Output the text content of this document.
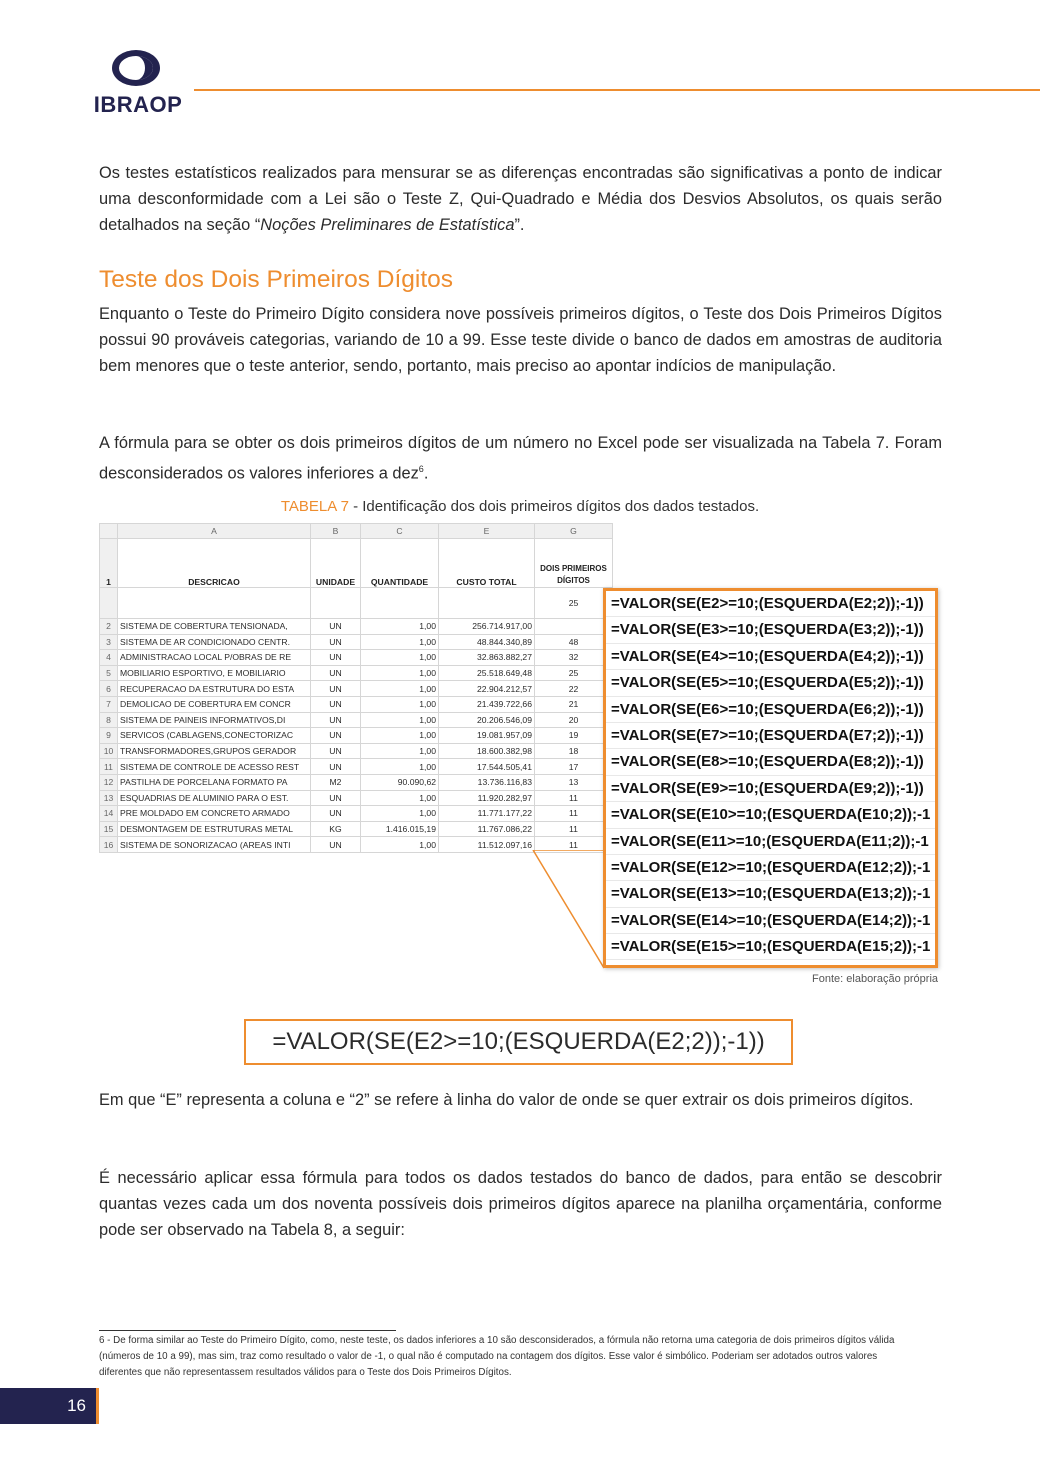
IBRAOP

Os testes estatísticos realizados para mensurar se as diferenças encontradas são significativas a ponto de indicar uma desconformidade com a Lei são o Teste Z, Qui-Quadrado e Média dos Desvios Absolutos, os quais serão detalhados na seção “Noções Preliminares de Estatística”.

Teste dos Dois Primeiros Dígitos

Enquanto o Teste do Primeiro Dígito considera nove possíveis primeiros dígitos, o Teste dos Dois Primeiros Dígitos possui 90 prováveis categorias, variando de 10 a 99. Esse teste divide o banco de dados em amostras de auditoria bem menores que o teste anterior, sendo, portanto, mais preciso ao apontar indícios de manipulação.

A fórmula para se obter os dois primeiros dígitos de um número no Excel pode ser visualizada na Tabela 7. Foram desconsiderados os valores inferiores a dez$^6$.

TABELA 7 - Identificação dos dois primeiros dígitos dos dados testados.
	A	B	C	E	G
1	DESCRICAO	UNIDADE	QUANTIDADE	CUSTO TOTAL	DOIS PRIMEIROS DÍGITOS
					25
2	SISTEMA DE COBERTURA TENSIONADA,	UN	1,00	256.714.917,00	
3	SISTEMA DE AR CONDICIONADO CENTR.	UN	1,00	48.844.340,89	48
4	ADMINISTRACAO LOCAL P/OBRAS DE RE	UN	1,00	32.863.882,27	32
5	MOBILIARIO ESPORTIVO, E MOBILIARIO	UN	1,00	25.518.649,48	25
6	RECUPERACAO DA ESTRUTURA DO ESTA	UN	1,00	22.904.212,57	22
7	DEMOLICAO DE COBERTURA EM CONCR	UN	1,00	21.439.722,66	21
8	SISTEMA DE PAINEIS INFORMATIVOS,DI	UN	1,00	20.206.546,09	20
9	SERVICOS (CABLAGENS,CONECTORIZAC	UN	1,00	19.081.957,09	19
10	TRANSFORMADORES,GRUPOS GERADOR	UN	1,00	18.600.382,98	18
11	SISTEMA DE CONTROLE DE ACESSO REST	UN	1,00	17.544.505,41	17
12	PASTILHA DE PORCELANA FORMATO PA	M2	90.090,62	13.736.116,83	13
13	ESQUADRIAS DE ALUMINIO PARA O EST.	UN	1,00	11.920.282,97	11
14	PRE MOLDADO EM CONCRETO ARMADO	UN	1,00	11.771.177,22	11
15	DESMONTAGEM DE ESTRUTURAS METAL	KG	1.416.015,19	11.767.086,22	11
16	SISTEMA DE SONORIZACAO (AREAS INTI	UN	1,00	11.512.097,16	11
=VALOR(SE(E2>=10;(ESQUERDA(E2;2));-1))
=VALOR(SE(E3>=10;(ESQUERDA(E3;2));-1))
=VALOR(SE(E4>=10;(ESQUERDA(E4;2));-1))
=VALOR(SE(E5>=10;(ESQUERDA(E5;2));-1))
=VALOR(SE(E6>=10;(ESQUERDA(E6;2));-1))
=VALOR(SE(E7>=10;(ESQUERDA(E7;2));-1))
=VALOR(SE(E8>=10;(ESQUERDA(E8;2));-1))
=VALOR(SE(E9>=10;(ESQUERDA(E9;2));-1))
=VALOR(SE(E10>=10;(ESQUERDA(E10;2));-1
=VALOR(SE(E11>=10;(ESQUERDA(E11;2));-1
=VALOR(SE(E12>=10;(ESQUERDA(E12;2));-1
=VALOR(SE(E13>=10;(ESQUERDA(E13;2));-1
=VALOR(SE(E14>=10;(ESQUERDA(E14;2));-1
=VALOR(SE(E15>=10;(ESQUERDA(E15;2));-1
Fonte: elaboração própria
=VALOR(SE(E2>=10;(ESQUERDA(E2;2));-1))

Em que “E” representa a coluna e “2” se refere à linha do valor de onde se quer extrair os dois primeiros dígitos.

É necessário aplicar essa fórmula para todos os dados testados do banco de dados, para então se descobrir quantas vezes cada um dos noventa possíveis dois primeiros dígitos aparece na planilha orçamentária, conforme pode ser observado na Tabela 8, a seguir:

6 - De forma similar ao Teste do Primeiro Dígito, como, neste teste, os dados inferiores a 10 são desconsiderados, a fórmula não retorna uma categoria de dois primeiros dígitos válida (números de 10 a 99), mas sim, traz como resultado o valor de -1, o qual não é computado na contagem dos dígitos. Esse valor é simbólico. Poderiam ser adotados outros valores diferentes que não representassem resultados válidos para o Teste dos Dois Primeiros Dígitos.

16
